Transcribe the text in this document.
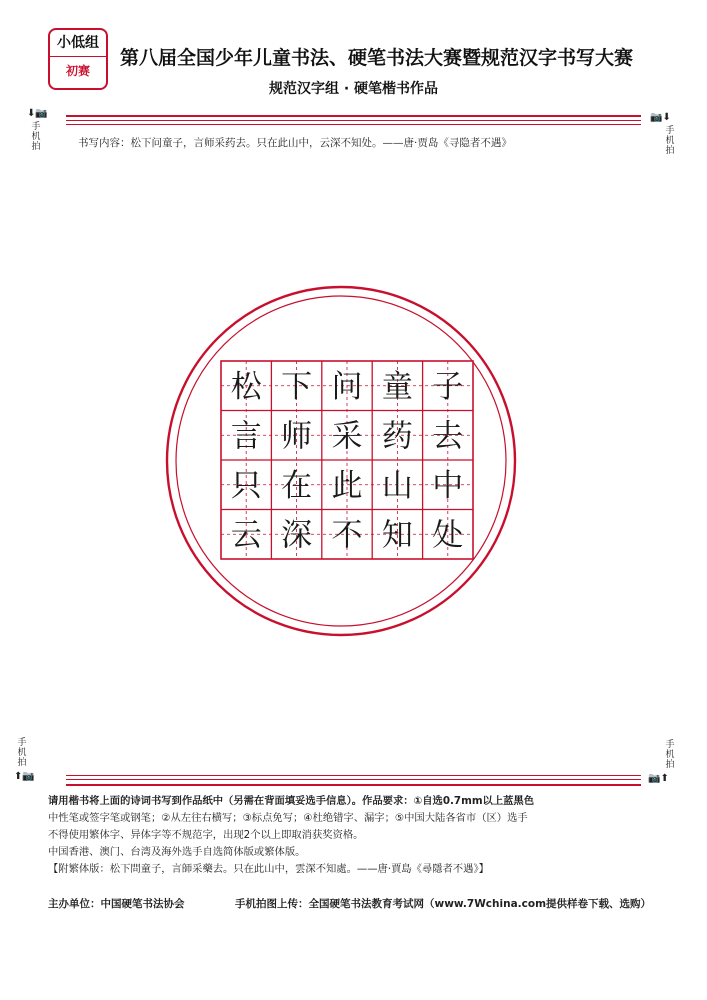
小低组
初赛
第八届全国少年儿童书法、硬笔书法大赛暨规范汉字书写大赛
规范汉字组 · 硬笔楷书作品
⬇📷
手机拍
📷⬇
手机拍
书写内容：松下问童子，言师采药去。只在此山中，云深不知处。——唐·贾岛《寻隐者不遇》
松 下 问 童 子
言 师 采 药 去
只 在 此 山 中
云 深 不 知 处
手机拍
⬆📷
手机拍
📷⬆
请用楷书将上面的诗词书写到作品纸中（另需在背面填妥选手信息）。作品要求：①自选0.7mm以上蓝黑色
中性笔或签字笔或钢笔；②从左往右横写；③标点免写；④杜绝错字、漏字；⑤中国大陆各省市（区）选手
不得使用繁体字、异体字等不规范字，出现2个以上即取消获奖资格。
中国香港、澳门、台湾及海外选手自选简体版或繁体版。
【附繁体版：松下問童子，言師采藥去。只在此山中，雲深不知處。——唐·賈島《尋隱者不遇》】
主办单位：中国硬笔书法协会	手机拍图上传：全国硬笔书法教育考试网（www.7Wchina.com提供样卷下载、选购）
